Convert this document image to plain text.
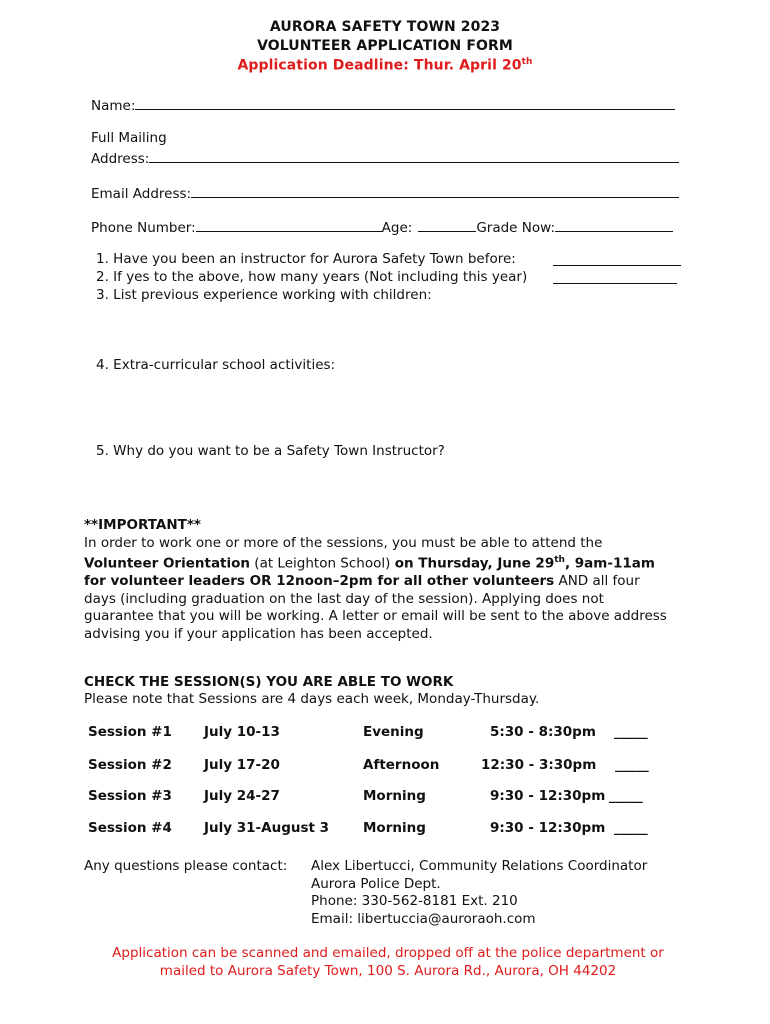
AURORA SAFETY TOWN 2023
VOLUNTEER APPLICATION FORM
Application Deadline: Thur. April 20th
Name:
Full Mailing
Address:
Email Address:
Phone Number:	Age:	Grade Now:
1. Have you been an instructor for Aurora Safety Town before:
2. If yes to the above, how many years (Not including this year)
3. List previous experience working with children:
4. Extra-curricular school activities:
5. Why do you want to be a Safety Town Instructor?
**IMPORTANT**
In order to work one or more of the sessions, you must be able to attend the
Volunteer Orientation (at Leighton School) on Thursday, June 29th, 9am-11am
for volunteer leaders OR 12noon–2pm for all other volunteers AND all four
days (including graduation on the last day of the session). Applying does not
guarantee that you will be working. A letter or email will be sent to the above address
advising you if your application has been accepted.
CHECK THE SESSION(S) YOU ARE ABLE TO WORK
Please note that Sessions are 4 days each week, Monday-Thursday.
Session #1 July 10-13	Evening	5:30 - 8:30pm _____
Session #2 July 17-20	Afternoon	12:30 - 3:30pm _____
Session #3 July 24-27	Morning	9:30 - 12:30pm _____
Session #4 July 31-August 3	Morning	9:30 - 12:30pm _____
Any questions please contact: Alex Libertucci, Community Relations Coordinator
Aurora Police Dept.
Phone: 330-562-8181 Ext. 210
Email: libertuccia@auroraoh.com
Application can be scanned and emailed, dropped off at the police department or
mailed to Aurora Safety Town, 100 S. Aurora Rd., Aurora, OH 44202
